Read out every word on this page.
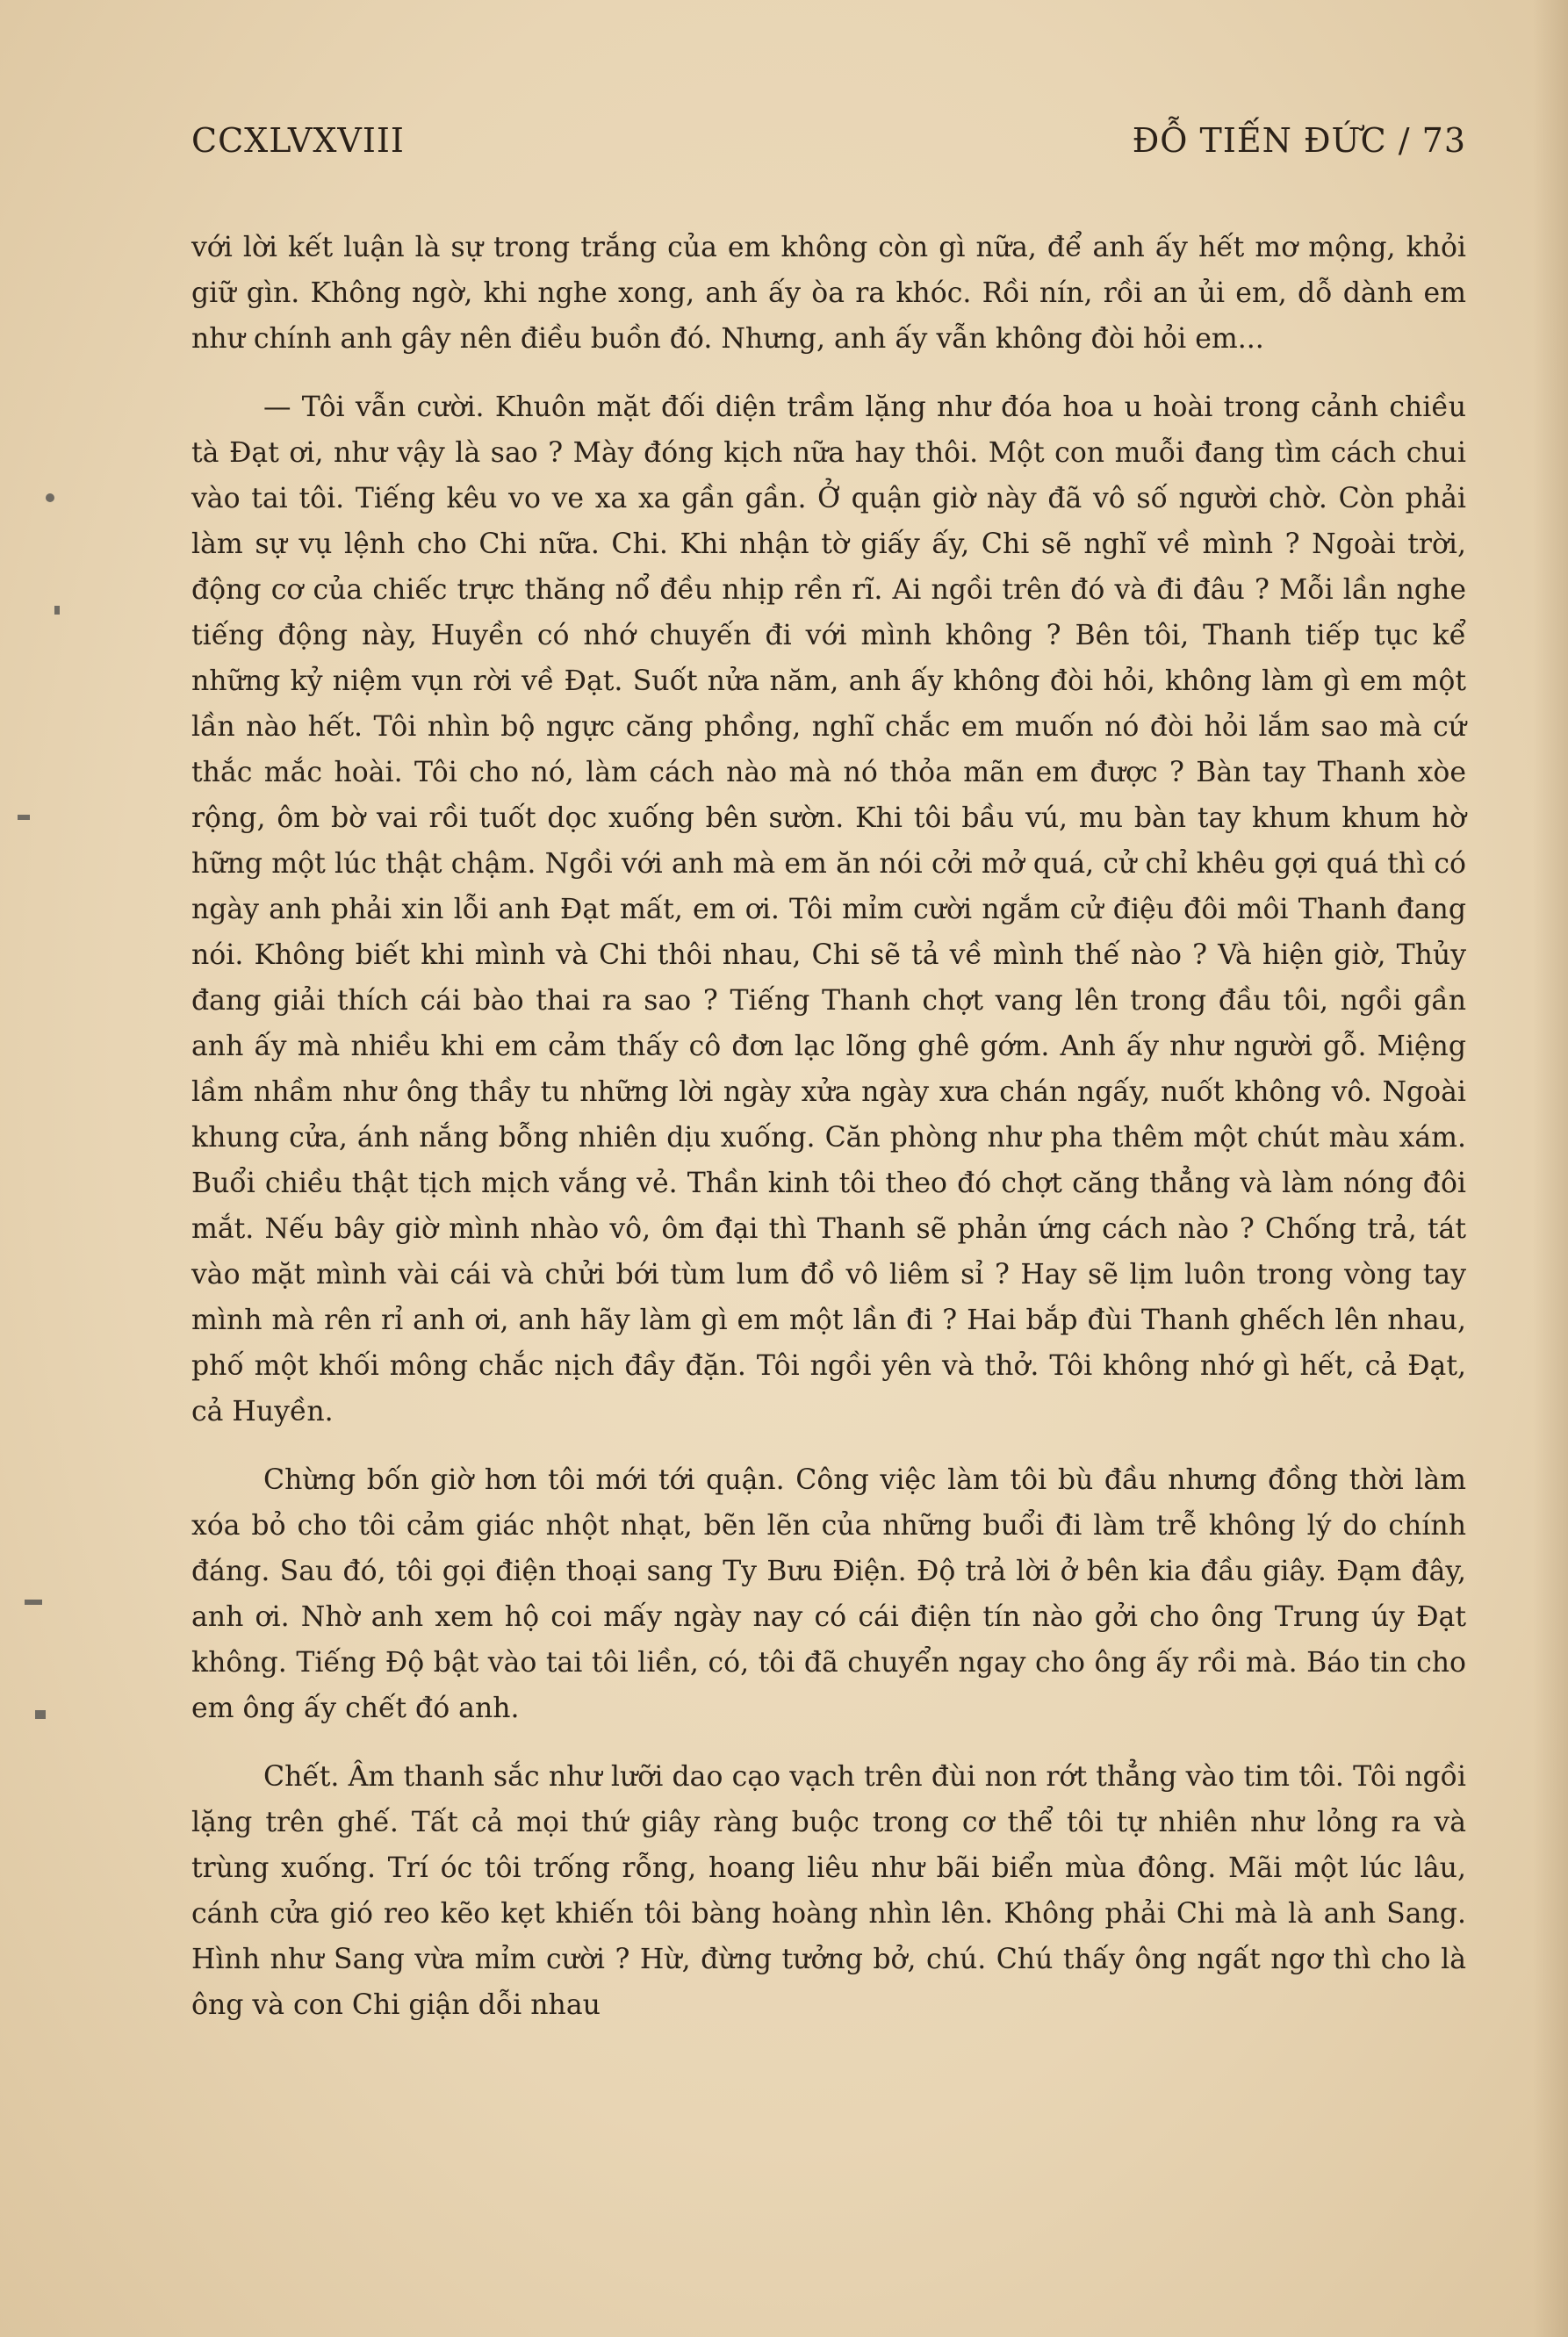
CCXLVXVIII	ĐỖ TIẾN ĐỨC / 73

với lời kết luận là sự trong trắng của em không còn gì nữa, để anh ấy hết mơ mộng, khỏi giữ gìn. Không ngờ, khi nghe xong, anh ấy òa ra khóc. Rồi nín, rồi an ủi em, dỗ dành em như chính anh gây nên điều buồn đó. Nhưng, anh ấy vẫn không đòi hỏi em...

— Tôi vẫn cười. Khuôn mặt đối diện trầm lặng như đóa hoa u hoài trong cảnh chiều tà Đạt ơi, như vậy là sao ? Mày đóng kịch nữa hay thôi. Một con muỗi đang tìm cách chui vào tai tôi. Tiếng kêu vo ve xa xa gần gần. Ở quận giờ này đã vô số người chờ. Còn phải làm sự vụ lệnh cho Chi nữa. Chi. Khi nhận tờ giấy ấy, Chi sẽ nghĩ về mình ? Ngoài trời, động cơ của chiếc trực thăng nổ đều nhịp rền rĩ. Ai ngồi trên đó và đi đâu ? Mỗi lần nghe tiếng động này, Huyền có nhớ chuyến đi với mình không ? Bên tôi, Thanh tiếp tục kể những kỷ niệm vụn rời về Đạt. Suốt nửa năm, anh ấy không đòi hỏi, không làm gì em một lần nào hết. Tôi nhìn bộ ngực căng phồng, nghĩ chắc em muốn nó đòi hỏi lắm sao mà cứ thắc mắc hoài. Tôi cho nó, làm cách nào mà nó thỏa mãn em được ? Bàn tay Thanh xòe rộng, ôm bờ vai rồi tuốt dọc xuống bên sườn. Khi tôi bầu vú, mu bàn tay khum khum hờ hững một lúc thật chậm. Ngồi với anh mà em ăn nói cởi mở quá, cử chỉ khêu gợi quá thì có ngày anh phải xin lỗi anh Đạt mất, em ơi. Tôi mỉm cười ngắm cử điệu đôi môi Thanh đang nói. Không biết khi mình và Chi thôi nhau, Chi sẽ tả về mình thế nào ? Và hiện giờ, Thủy đang giải thích cái bào thai ra sao ? Tiếng Thanh chợt vang lên trong đầu tôi, ngồi gần anh ấy mà nhiều khi em cảm thấy cô đơn lạc lõng ghê gớm. Anh ấy như người gỗ. Miệng lầm nhầm như ông thầy tu những lời ngày xửa ngày xưa chán ngấy, nuốt không vô. Ngoài khung cửa, ánh nắng bỗng nhiên dịu xuống. Căn phòng như pha thêm một chút màu xám. Buổi chiều thật tịch mịch vắng vẻ. Thần kinh tôi theo đó chợt căng thẳng và làm nóng đôi mắt. Nếu bây giờ mình nhào vô, ôm đại thì Thanh sẽ phản ứng cách nào ? Chống trả, tát vào mặt mình vài cái và chửi bới tùm lum đồ vô liêm sỉ ? Hay sẽ lịm luôn trong vòng tay mình mà rên rỉ anh ơi, anh hãy làm gì em một lần đi ? Hai bắp đùi Thanh ghếch lên nhau, phố một khối mông chắc nịch đầy đặn. Tôi ngồi yên và thở. Tôi không nhớ gì hết, cả Đạt, cả Huyền.

Chừng bốn giờ hơn tôi mới tới quận. Công việc làm tôi bù đầu nhưng đồng thời làm xóa bỏ cho tôi cảm giác nhột nhạt, bẽn lẽn của những buổi đi làm trễ không lý do chính đáng. Sau đó, tôi gọi điện thoại sang Ty Bưu Điện. Độ trả lời ở bên kia đầu giây. Đạm đây, anh ơi. Nhờ anh xem hộ coi mấy ngày nay có cái điện tín nào gởi cho ông Trung úy Đạt không. Tiếng Độ bật vào tai tôi liền, có, tôi đã chuyển ngay cho ông ấy rồi mà. Báo tin cho em ông ấy chết đó anh.

Chết. Âm thanh sắc như lưỡi dao cạo vạch trên đùi non rớt thẳng vào tim tôi. Tôi ngồi lặng trên ghế. Tất cả mọi thứ giây ràng buộc trong cơ thể tôi tự nhiên như lỏng ra và trùng xuống. Trí óc tôi trống rỗng, hoang liêu như bãi biển mùa đông. Mãi một lúc lâu, cánh cửa gió reo kẽo kẹt khiến tôi bàng hoàng nhìn lên. Không phải Chi mà là anh Sang. Hình như Sang vừa mỉm cười ? Hừ, đừng tưởng bở, chú. Chú thấy ông ngất ngơ thì cho là ông và con Chi giận dỗi nhau
